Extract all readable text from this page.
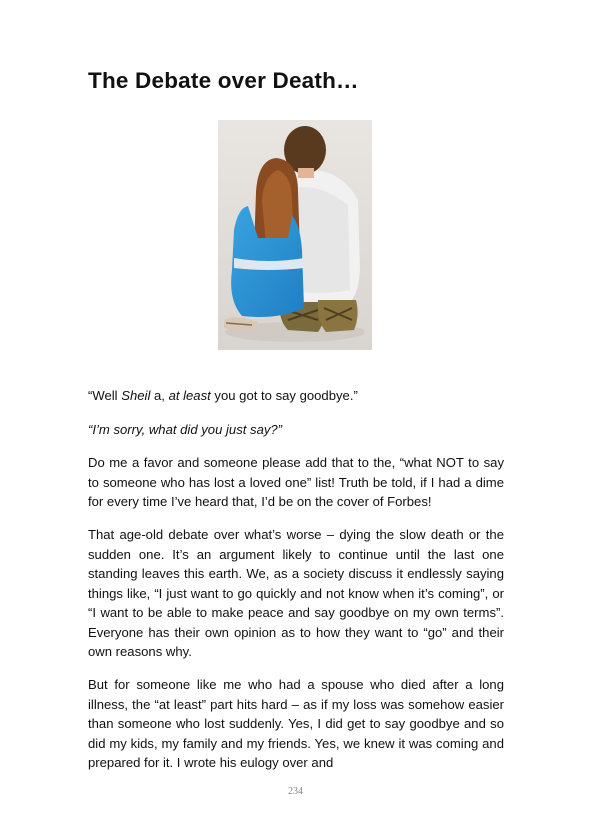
The Debate over Death…

“Well Sheil a, at least you got to say goodbye.”

“I’m sorry, what did you just say?”

Do me a favor and someone please add that to the, “what NOT to say to someone who has lost a loved one” list! Truth be told, if I had a dime for every time I’ve heard that, I’d be on the cover of Forbes!

That age-old debate over what’s worse – dying the slow death or the sudden one. It’s an argument likely to continue until the last one standing leaves this earth. We, as a society discuss it endlessly saying things like, “I just want to go quickly and not know when it’s coming”, or “I want to be able to make peace and say goodbye on my own terms”. Everyone has their own opinion as to how they want to “go” and their own reasons why.

But for someone like me who had a spouse who died after a long illness, the “at least” part hits hard – as if my loss was somehow easier than someone who lost suddenly. Yes, I did get to say goodbye and so did my kids, my family and my friends. Yes, we knew it was coming and prepared for it. I wrote his eulogy over and

234
